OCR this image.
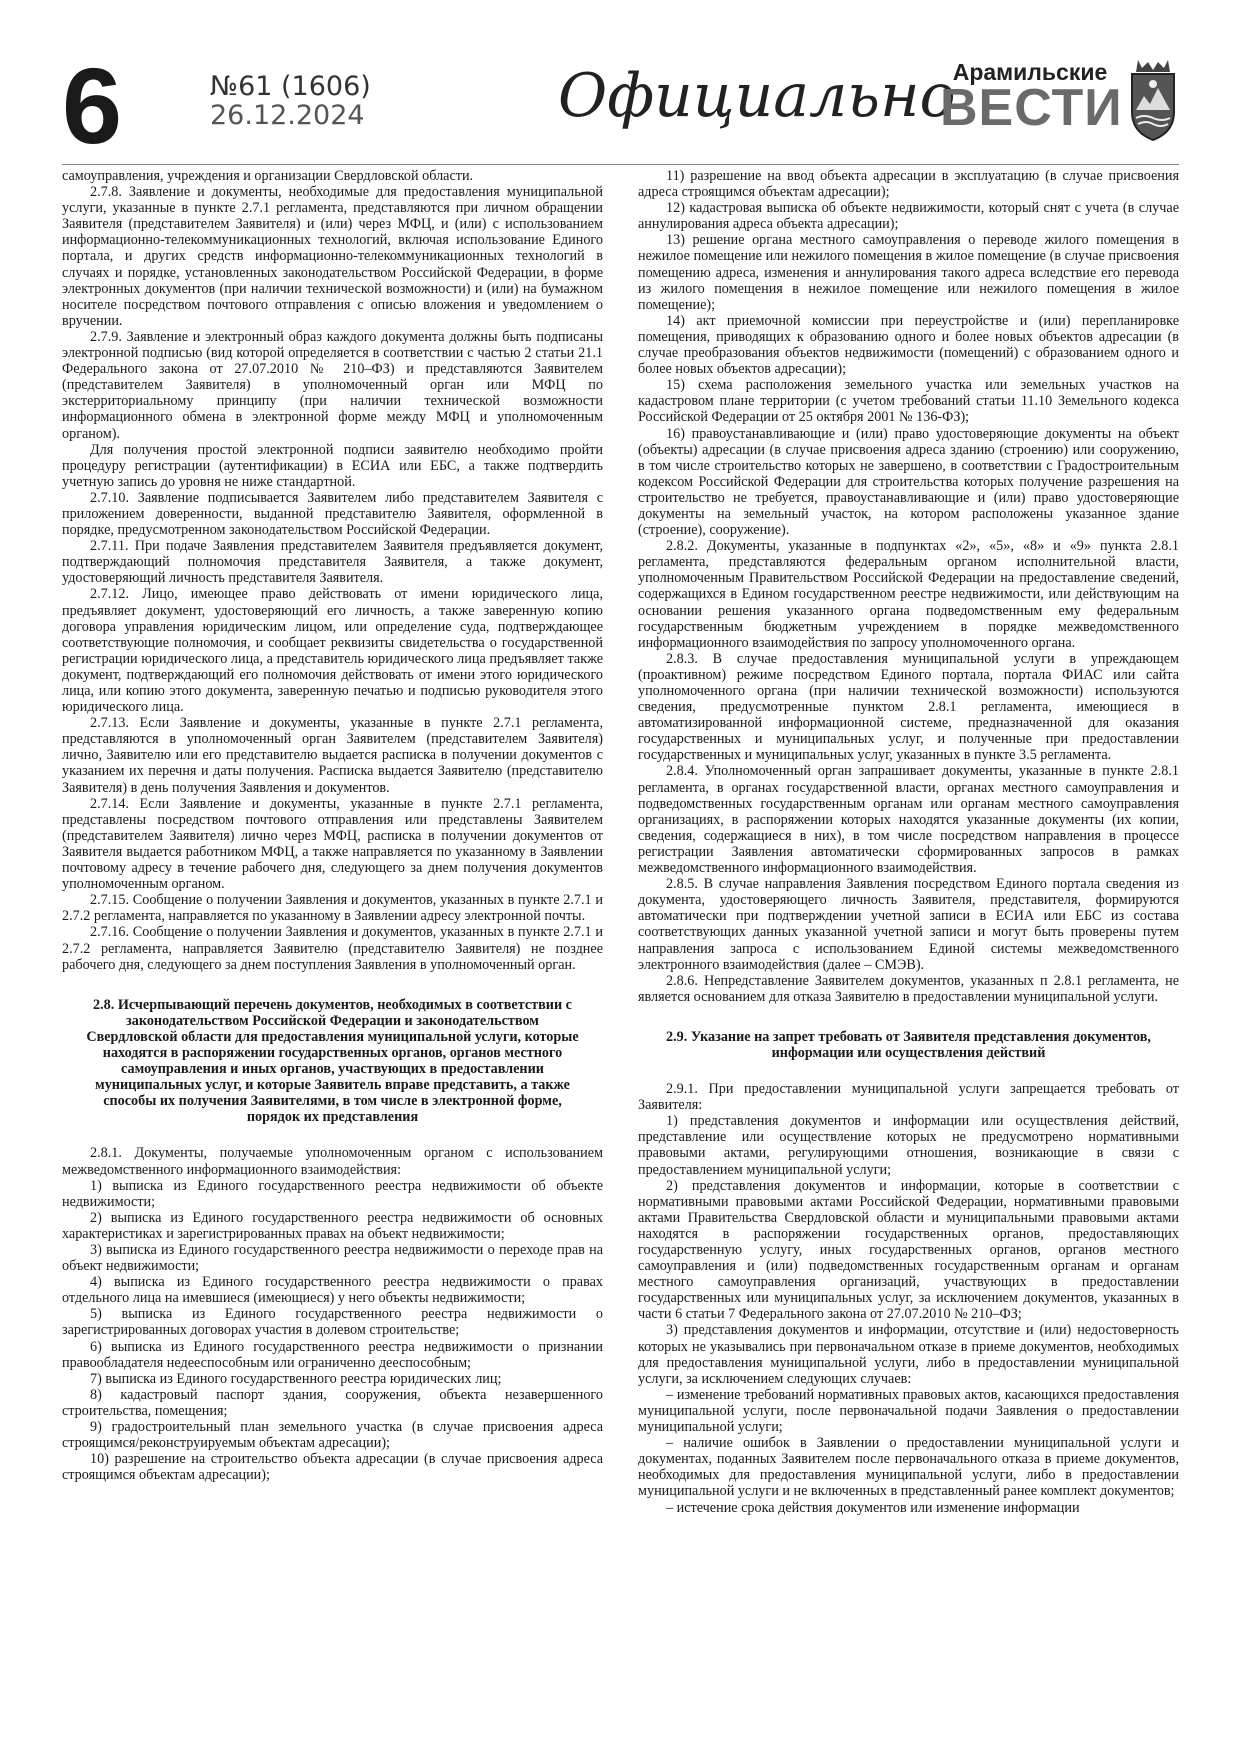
6	№61 (1606)
26.12.2024	Официально
Арамильские
ВЕСТИ

самоуправления, учреждения и организации Свердловской области.

2.7.8. Заявление и документы, необходимые для предоставления муниципальной услуги, указанные в пункте 2.7.1 регламента, представляются при личном обращении Заявителя (представителем Заявителя) и (или) через МФЦ, и (или) с использованием информационно-телекоммуникационных технологий, включая использование Единого портала, и других средств информационно-телекоммуникационных технологий в случаях и порядке, установленных законодательством Российской Федерации, в форме электронных документов (при наличии технической возможности) и (или) на бумажном носителе посредством почтового отправления с описью вложения и уведомлением о вручении.

2.7.9. Заявление и электронный образ каждого документа должны быть подписаны электронной подписью (вид которой определяется в соответствии с частью 2 статьи 21.1 Федерального закона от 27.07.2010 № 210–ФЗ) и представляются Заявителем (представителем Заявителя) в уполномоченный орган или МФЦ по экстерриториальному принципу (при наличии технической возможности информационного обмена в электронной форме между МФЦ и уполномоченным органом).

Для получения простой электронной подписи заявителю необходимо пройти процедуру регистрации (аутентификации) в ЕСИА или ЕБС, а также подтвердить учетную запись до уровня не ниже стандартной.

2.7.10. Заявление подписывается Заявителем либо представителем Заявителя с приложением доверенности, выданной представителю Заявителя, оформленной в порядке, предусмотренном законодательством Российской Федерации.

2.7.11. При подаче Заявления представителем Заявителя предъявляется документ, подтверждающий полномочия представителя Заявителя, а также документ, удостоверяющий личность представителя Заявителя.

2.7.12. Лицо, имеющее право действовать от имени юридического лица, предъявляет документ, удостоверяющий его личность, а также заверенную копию договора управления юридическим лицом, или определение суда, подтверждающее соответствующие полномочия, и сообщает реквизиты свидетельства о государственной регистрации юридического лица, а представитель юридического лица предъявляет также документ, подтверждающий его полномочия действовать от имени этого юридического лица, или копию этого документа, заверенную печатью и подписью руководителя этого юридического лица.

2.7.13. Если Заявление и документы, указанные в пункте 2.7.1 регламента, представляются в уполномоченный орган Заявителем (представителем Заявителя) лично, Заявителю или его представителю выдается расписка в получении документов с указанием их перечня и даты получения. Расписка выдается Заявителю (представителю Заявителя) в день получения Заявления и документов.

2.7.14. Если Заявление и документы, указанные в пункте 2.7.1 регламента, представлены посредством почтового отправления или представлены Заявителем (представителем Заявителя) лично через МФЦ, расписка в получении документов от Заявителя выдается работником МФЦ, а также направляется по указанному в Заявлении почтовому адресу в течение рабочего дня, следующего за днем получения документов уполномоченным органом.

2.7.15. Сообщение о получении Заявления и документов, указанных в пункте 2.7.1 и 2.7.2 регламента, направляется по указанному в Заявлении адресу электронной почты.

2.7.16. Сообщение о получении Заявления и документов, указанных в пункте 2.7.1 и 2.7.2 регламента, направляется Заявителю (представителю Заявителя) не позднее рабочего дня, следующего за днем поступления Заявления в уполномоченный орган.

2.8. Исчерпывающий перечень документов, необходимых в соответствии с законодательством Российской Федерации и законодательством Свердловской области для предоставления муниципальной услуги, которые находятся в распоряжении государственных органов, органов местного самоуправления и иных органов, участвующих в предоставлении муниципальных услуг, и которые Заявитель вправе представить, а также способы их получения Заявителями, в том числе в электронной форме, порядок их представления

2.8.1. Документы, получаемые уполномоченным органом с использованием межведомственного информационного взаимодействия:

1) выписка из Единого государственного реестра недвижимости об объекте недвижимости;

2) выписка из Единого государственного реестра недвижимости об основных характеристиках и зарегистрированных правах на объект недвижимости;

3) выписка из Единого государственного реестра недвижимости о переходе прав на объект недвижимости;

4) выписка из Единого государственного реестра недвижимости о правах отдельного лица на имевшиеся (имеющиеся) у него объекты недвижимости;

5) выписка из Единого государственного реестра недвижимости о зарегистрированных договорах участия в долевом строительстве;

6) выписка из Единого государственного реестра недвижимости о признании правообладателя недееспособным или ограниченно дееспособным;

7) выписка из Единого государственного реестра юридических лиц;

8) кадастровый паспорт здания, сооружения, объекта незавершенного строительства, помещения;

9) градостроительный план земельного участка (в случае присвоения адреса строящимся/реконструируемым объектам адресации);

10) разрешение на строительство объекта адресации (в случае присвоения адреса строящимся объектам адресации);

11) разрешение на ввод объекта адресации в эксплуатацию (в случае присвоения адреса строящимся объектам адресации);

12) кадастровая выписка об объекте недвижимости, который снят с учета (в случае аннулирования адреса объекта адресации);

13) решение органа местного самоуправления о переводе жилого помещения в нежилое помещение или нежилого помещения в жилое помещение (в случае присвоения помещению адреса, изменения и аннулирования такого адреса вследствие его перевода из жилого помещения в нежилое помещение или нежилого помещения в жилое помещение);

14) акт приемочной комиссии при переустройстве и (или) перепланировке помещения, приводящих к образованию одного и более новых объектов адресации (в случае преобразования объектов недвижимости (помещений) с образованием одного и более новых объектов адресации);

15) схема расположения земельного участка или земельных участков на кадастровом плане территории (с учетом требований статьи 11.10 Земельного кодекса Российской Федерации от 25 октября 2001 № 136-ФЗ);

16) правоустанавливающие и (или) право удостоверяющие документы на объект (объекты) адресации (в случае присвоения адреса зданию (строению) или сооружению, в том числе строительство которых не завершено, в соответствии с Градостроительным кодексом Российской Федерации для строительства которых получение разрешения на строительство не требуется, правоустанавливающие и (или) право удостоверяющие документы на земельный участок, на котором расположены указанное здание (строение), сооружение).

2.8.2. Документы, указанные в подпунктах «2», «5», «8» и «9» пункта 2.8.1 регламента, представляются федеральным органом исполнительной власти, уполномоченным Правительством Российской Федерации на предоставление сведений, содержащихся в Едином государственном реестре недвижимости, или действующим на основании решения указанного органа подведомственным ему федеральным государственным бюджетным учреждением в порядке межведомственного информационного взаимодействия по запросу уполномоченного органа.

2.8.3. В случае предоставления муниципальной услуги в упреждающем (проактивном) режиме посредством Единого портала, портала ФИАС или сайта уполномоченного органа (при наличии технической возможности) используются сведения, предусмотренные пунктом 2.8.1 регламента, имеющиеся в автоматизированной информационной системе, предназначенной для оказания государственных и муниципальных услуг, и полученные при предоставлении государственных и муниципальных услуг, указанных в пункте 3.5 регламента.

2.8.4. Уполномоченный орган запрашивает документы, указанные в пункте 2.8.1 регламента, в органах государственной власти, органах местного самоуправления и подведомственных государственным органам или органам местного самоуправления организациях, в распоряжении которых находятся указанные документы (их копии, сведения, содержащиеся в них), в том числе посредством направления в процессе регистрации Заявления автоматически сформированных запросов в рамках межведомственного информационного взаимодействия.

2.8.5. В случае направления Заявления посредством Единого портала сведения из документа, удостоверяющего личность Заявителя, представителя, формируются автоматически при подтверждении учетной записи в ЕСИА или ЕБС из состава соответствующих данных указанной учетной записи и могут быть проверены путем направления запроса с использованием Единой системы межведомственного электронного взаимодействия (далее – СМЭВ).

2.8.6. Непредставление Заявителем документов, указанных п 2.8.1 регламента, не является основанием для отказа Заявителю в предоставлении муниципальной услуги.

2.9. Указание на запрет требовать от Заявителя представления документов, информации или осуществления действий

2.9.1. При предоставлении муниципальной услуги запрещается требовать от Заявителя:

1) представления документов и информации или осуществления действий, представление или осуществление которых не предусмотрено нормативными правовыми актами, регулирующими отношения, возникающие в связи с предоставлением муниципальной услуги;

2) представления документов и информации, которые в соответствии с нормативными правовыми актами Российской Федерации, нормативными правовыми актами Правительства Свердловской области и муниципальными правовыми актами находятся в распоряжении государственных органов, предоставляющих государственную услугу, иных государственных органов, органов местного самоуправления и (или) подведомственных государственным органам и органам местного самоуправления организаций, участвующих в предоставлении государственных или муниципальных услуг, за исключением документов, указанных в части 6 статьи 7 Федерального закона от 27.07.2010 № 210–ФЗ;

3) представления документов и информации, отсутствие и (или) недостоверность которых не указывались при первоначальном отказе в приеме документов, необходимых для предоставления муниципальной услуги, либо в предоставлении муниципальной услуги, за исключением следующих случаев:

– изменение требований нормативных правовых актов, касающихся предоставления муниципальной услуги, после первоначальной подачи Заявления о предоставлении муниципальной услуги;

– наличие ошибок в Заявлении о предоставлении муниципальной услуги и документах, поданных Заявителем после первоначального отказа в приеме документов, необходимых для предоставления муниципальной услуги, либо в предоставлении муниципальной услуги и не включенных в представленный ранее комплект документов;

– истечение срока действия документов или изменение информации
